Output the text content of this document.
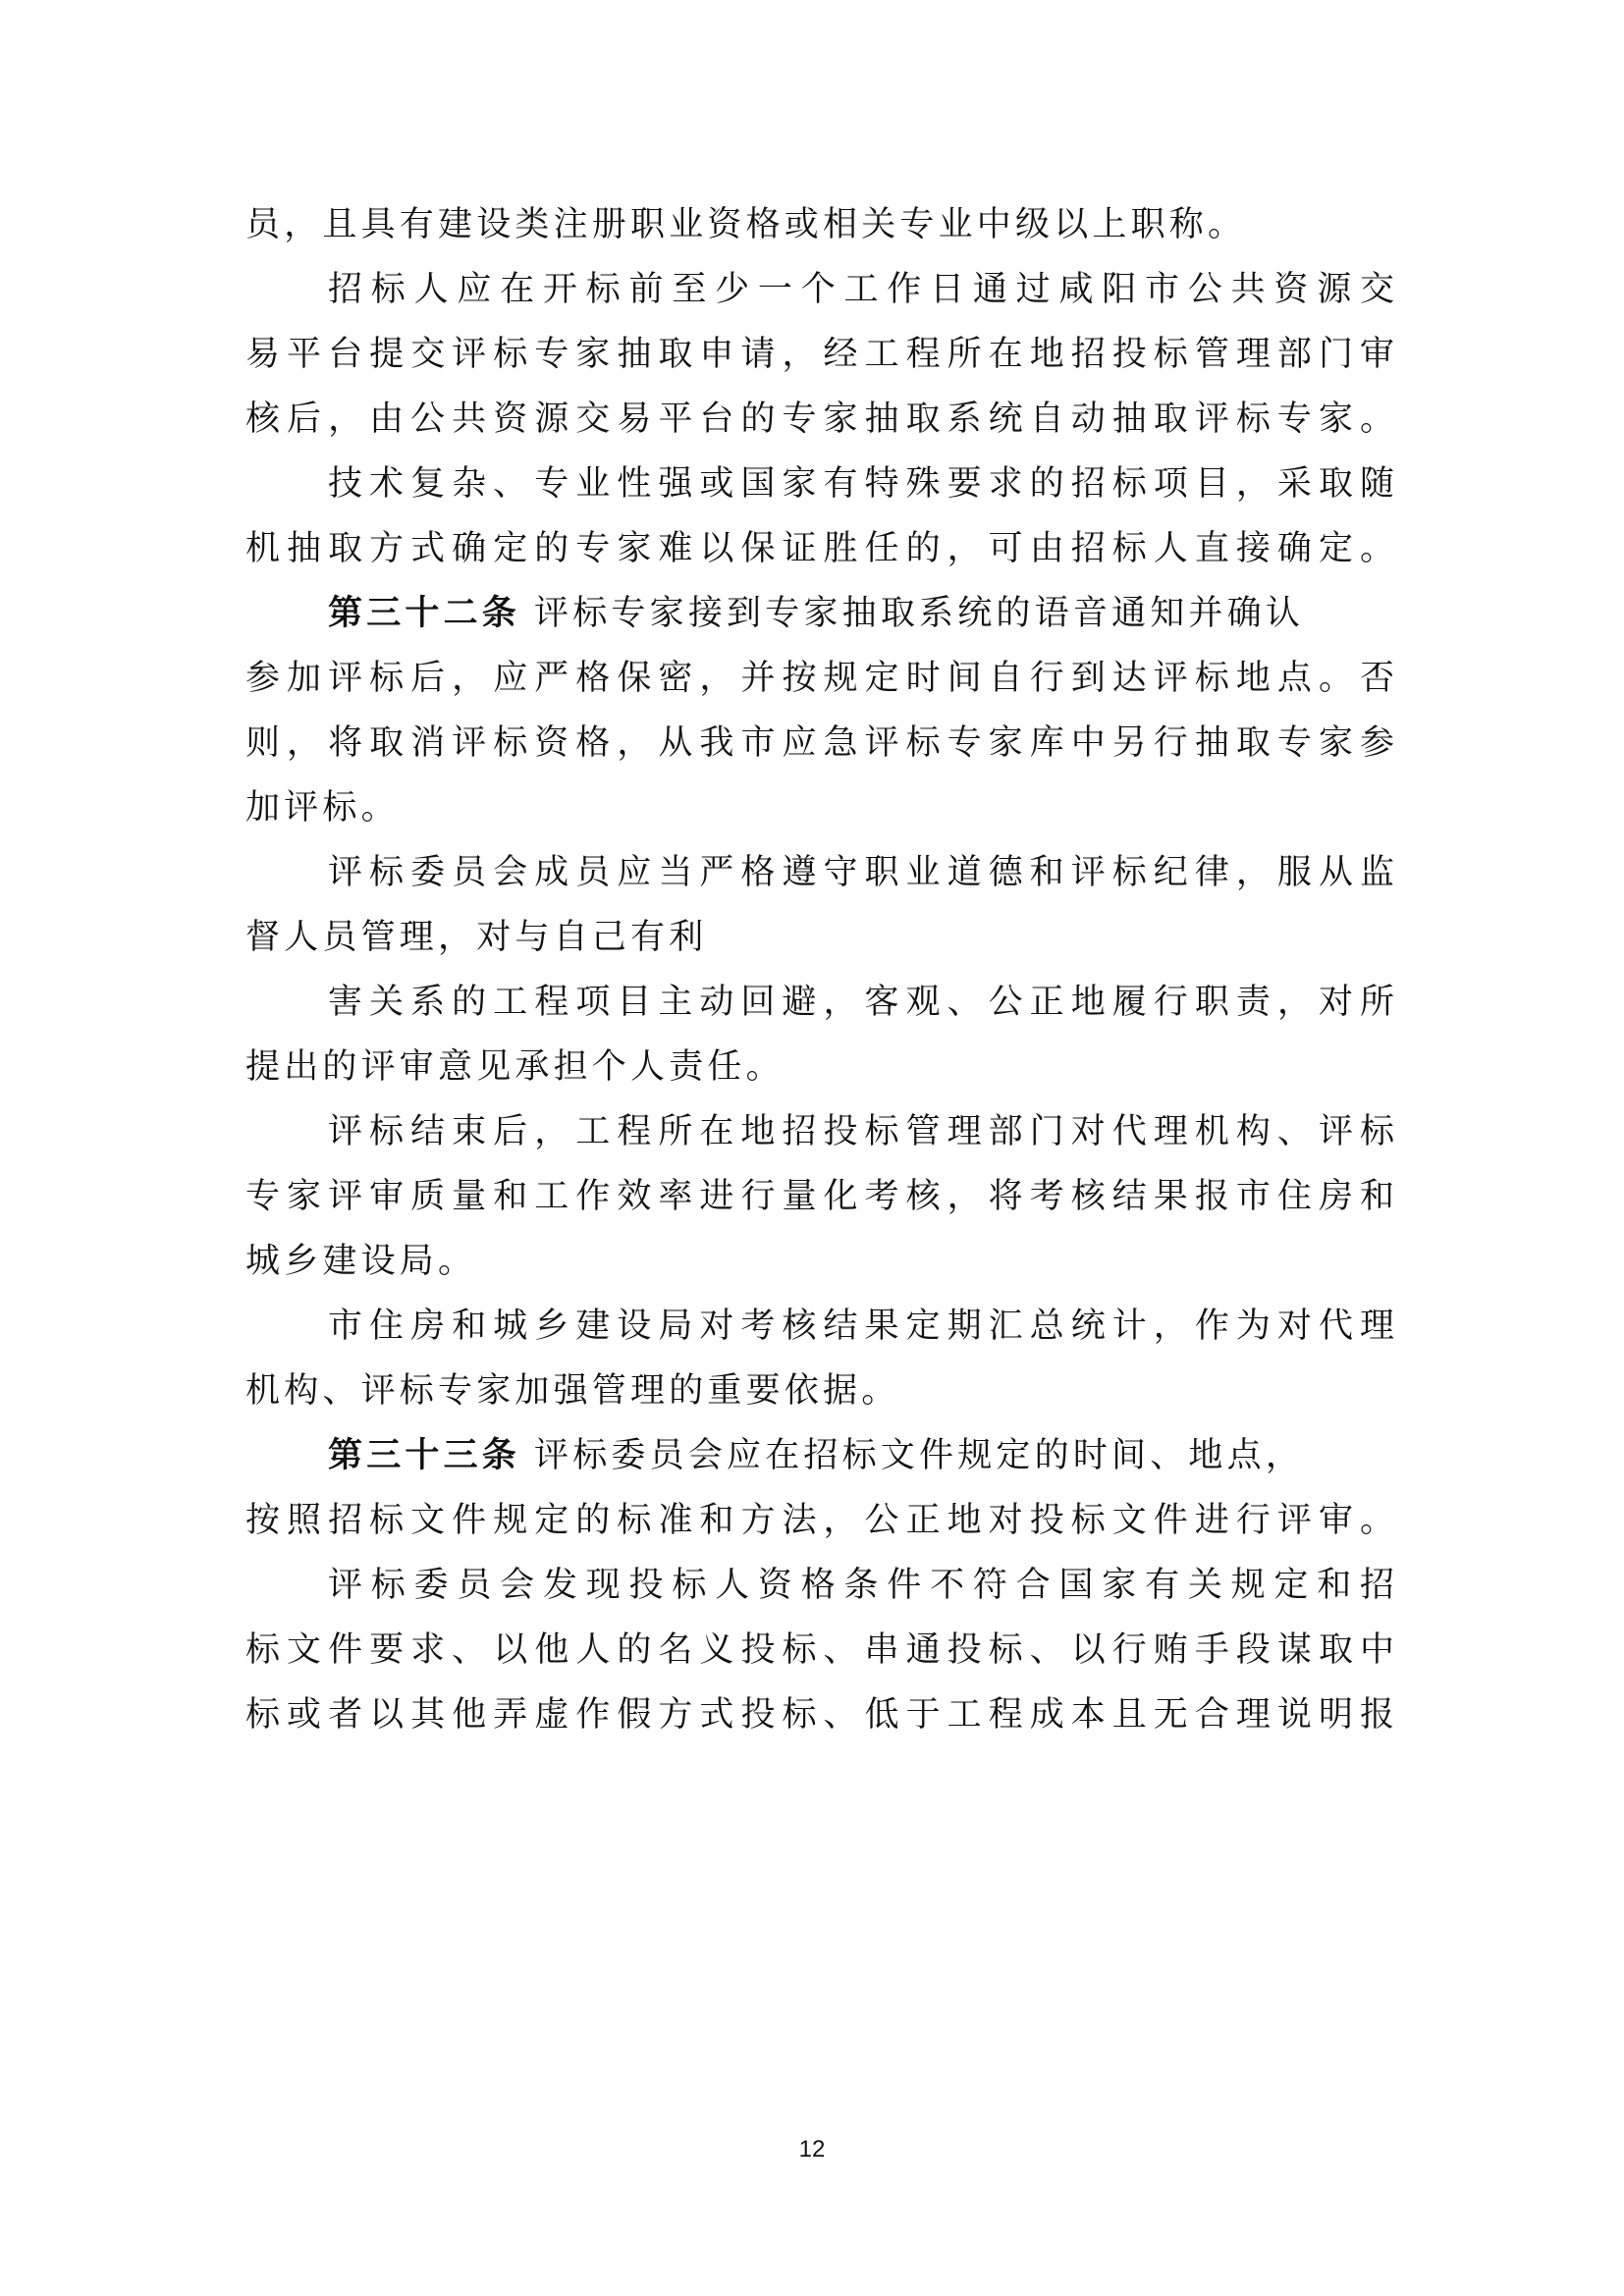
员，且具有建设类注册职业资格或相关专业中级以上职称。
招标人应在开标前至少一个工作日通过咸阳市公共资源交
易平台提交评标专家抽取申请，经工程所在地招投标管理部门审
核后，由公共资源交易平台的专家抽取系统自动抽取评标专家。
技术复杂、专业性强或国家有特殊要求的招标项目，采取随
机抽取方式确定的专家难以保证胜任的，可由招标人直接确定。
第三十二条 评标专家接到专家抽取系统的语音通知并确认
参加评标后，应严格保密，并按规定时间自行到达评标地点。否
则，将取消评标资格，从我市应急评标专家库中另行抽取专家参
加评标。
评标委员会成员应当严格遵守职业道德和评标纪律，服从监
督人员管理，对与自己有利
害关系的工程项目主动回避，客观、公正地履行职责，对所
提出的评审意见承担个人责任。
评标结束后，工程所在地招投标管理部门对代理机构、评标
专家评审质量和工作效率进行量化考核，将考核结果报市住房和
城乡建设局。
市住房和城乡建设局对考核结果定期汇总统计，作为对代理
机构、评标专家加强管理的重要依据。
第三十三条 评标委员会应在招标文件规定的时间、地点，
按照招标文件规定的标准和方法，公正地对投标文件进行评审。
评标委员会发现投标人资格条件不符合国家有关规定和招
标文件要求、以他人的名义投标、串通投标、以行贿手段谋取中
标或者以其他弄虚作假方式投标、低于工程成本且无合理说明报
12
